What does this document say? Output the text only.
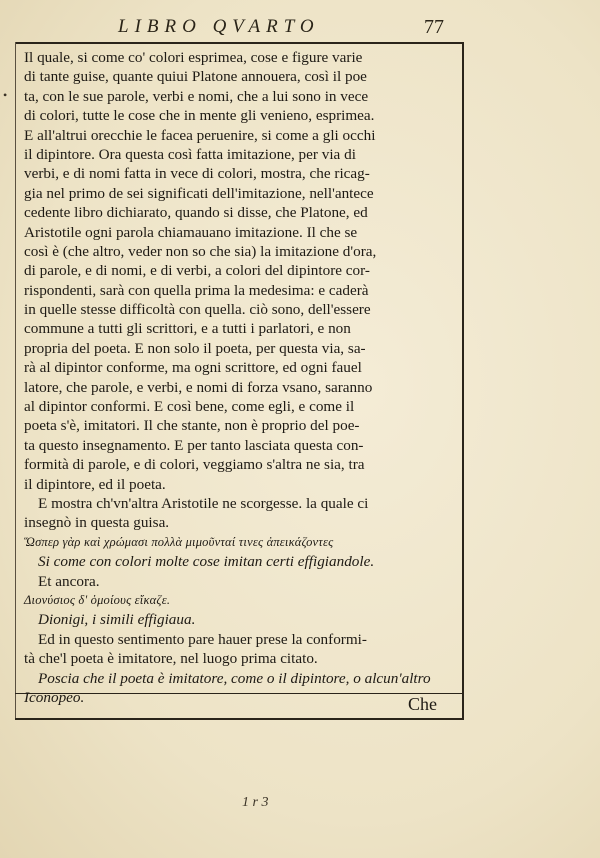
LIBRO QVARTO	77
•
Il quale, si come co' colori esprimea, cose e figure varie
di tante guise, quante quiui Platone annouera, così il poe
ta, con le sue parole, verbi e nomi, che a lui sono in vece
di colori, tutte le cose che in mente gli venieno, esprimea.
E all'altrui orecchie le facea peruenire, si come a gli occhi
il dipintore. Ora questa così fatta imitazione, per via di
verbi, e di nomi fatta in vece di colori, mostra, che ricag-
gia nel primo de sei significati dell'imitazione, nell'antece
cedente libro dichiarato, quando si disse, che Platone, ed
Aristotile ogni parola chiamauano imitazione. Il che se
così è (che altro, veder non so che sia) la imitazione d'ora,
di parole, e di nomi, e di verbi, a colori del dipintore cor-
rispondenti, sarà con quella prima la medesima: e caderà
in quelle stesse difficoltà con quella. ciò sono, dell'essere
commune a tutti gli scrittori, e a tutti i parlatori, e non
propria del poeta. E non solo il poeta, per questa via, sa-
rà al dipintor conforme, ma ogni scrittore, ed ogni fauel
latore, che parole, e verbi, e nomi di forza vsano, saranno
al dipintor conformi. E così bene, come egli, e come il
poeta s'è, imitatori. Il che stante, non è proprio del poe-
ta questo insegnamento. E per tanto lasciata questa con-
formità di parole, e di colori, veggiamo s'altra ne sia, tra
il dipintore, ed il poeta.
E mostra ch'vn'altra Aristotile ne scorgesse. la quale ci
insegnò in questa guisa.
Ὥσπερ γὰρ καὶ χρώμασι πολλὰ μιμοῦνταί τινες ἀπεικάζοντες
Si come con colori molte cose imitan certi effigiandole.
Et ancora.
Διονύσιος δ' ὁμοίους εἴκαζε.
Dionigi, i simili effigiaua.
Ed in questo sentimento pare hauer prese la conformi-
tà che'l poeta è imitatore, nel luogo prima citato.
Poscia che il poeta è imitatore, come o il dipintore, o alcun'altro
Iconopeo.	Che
1 r 3
